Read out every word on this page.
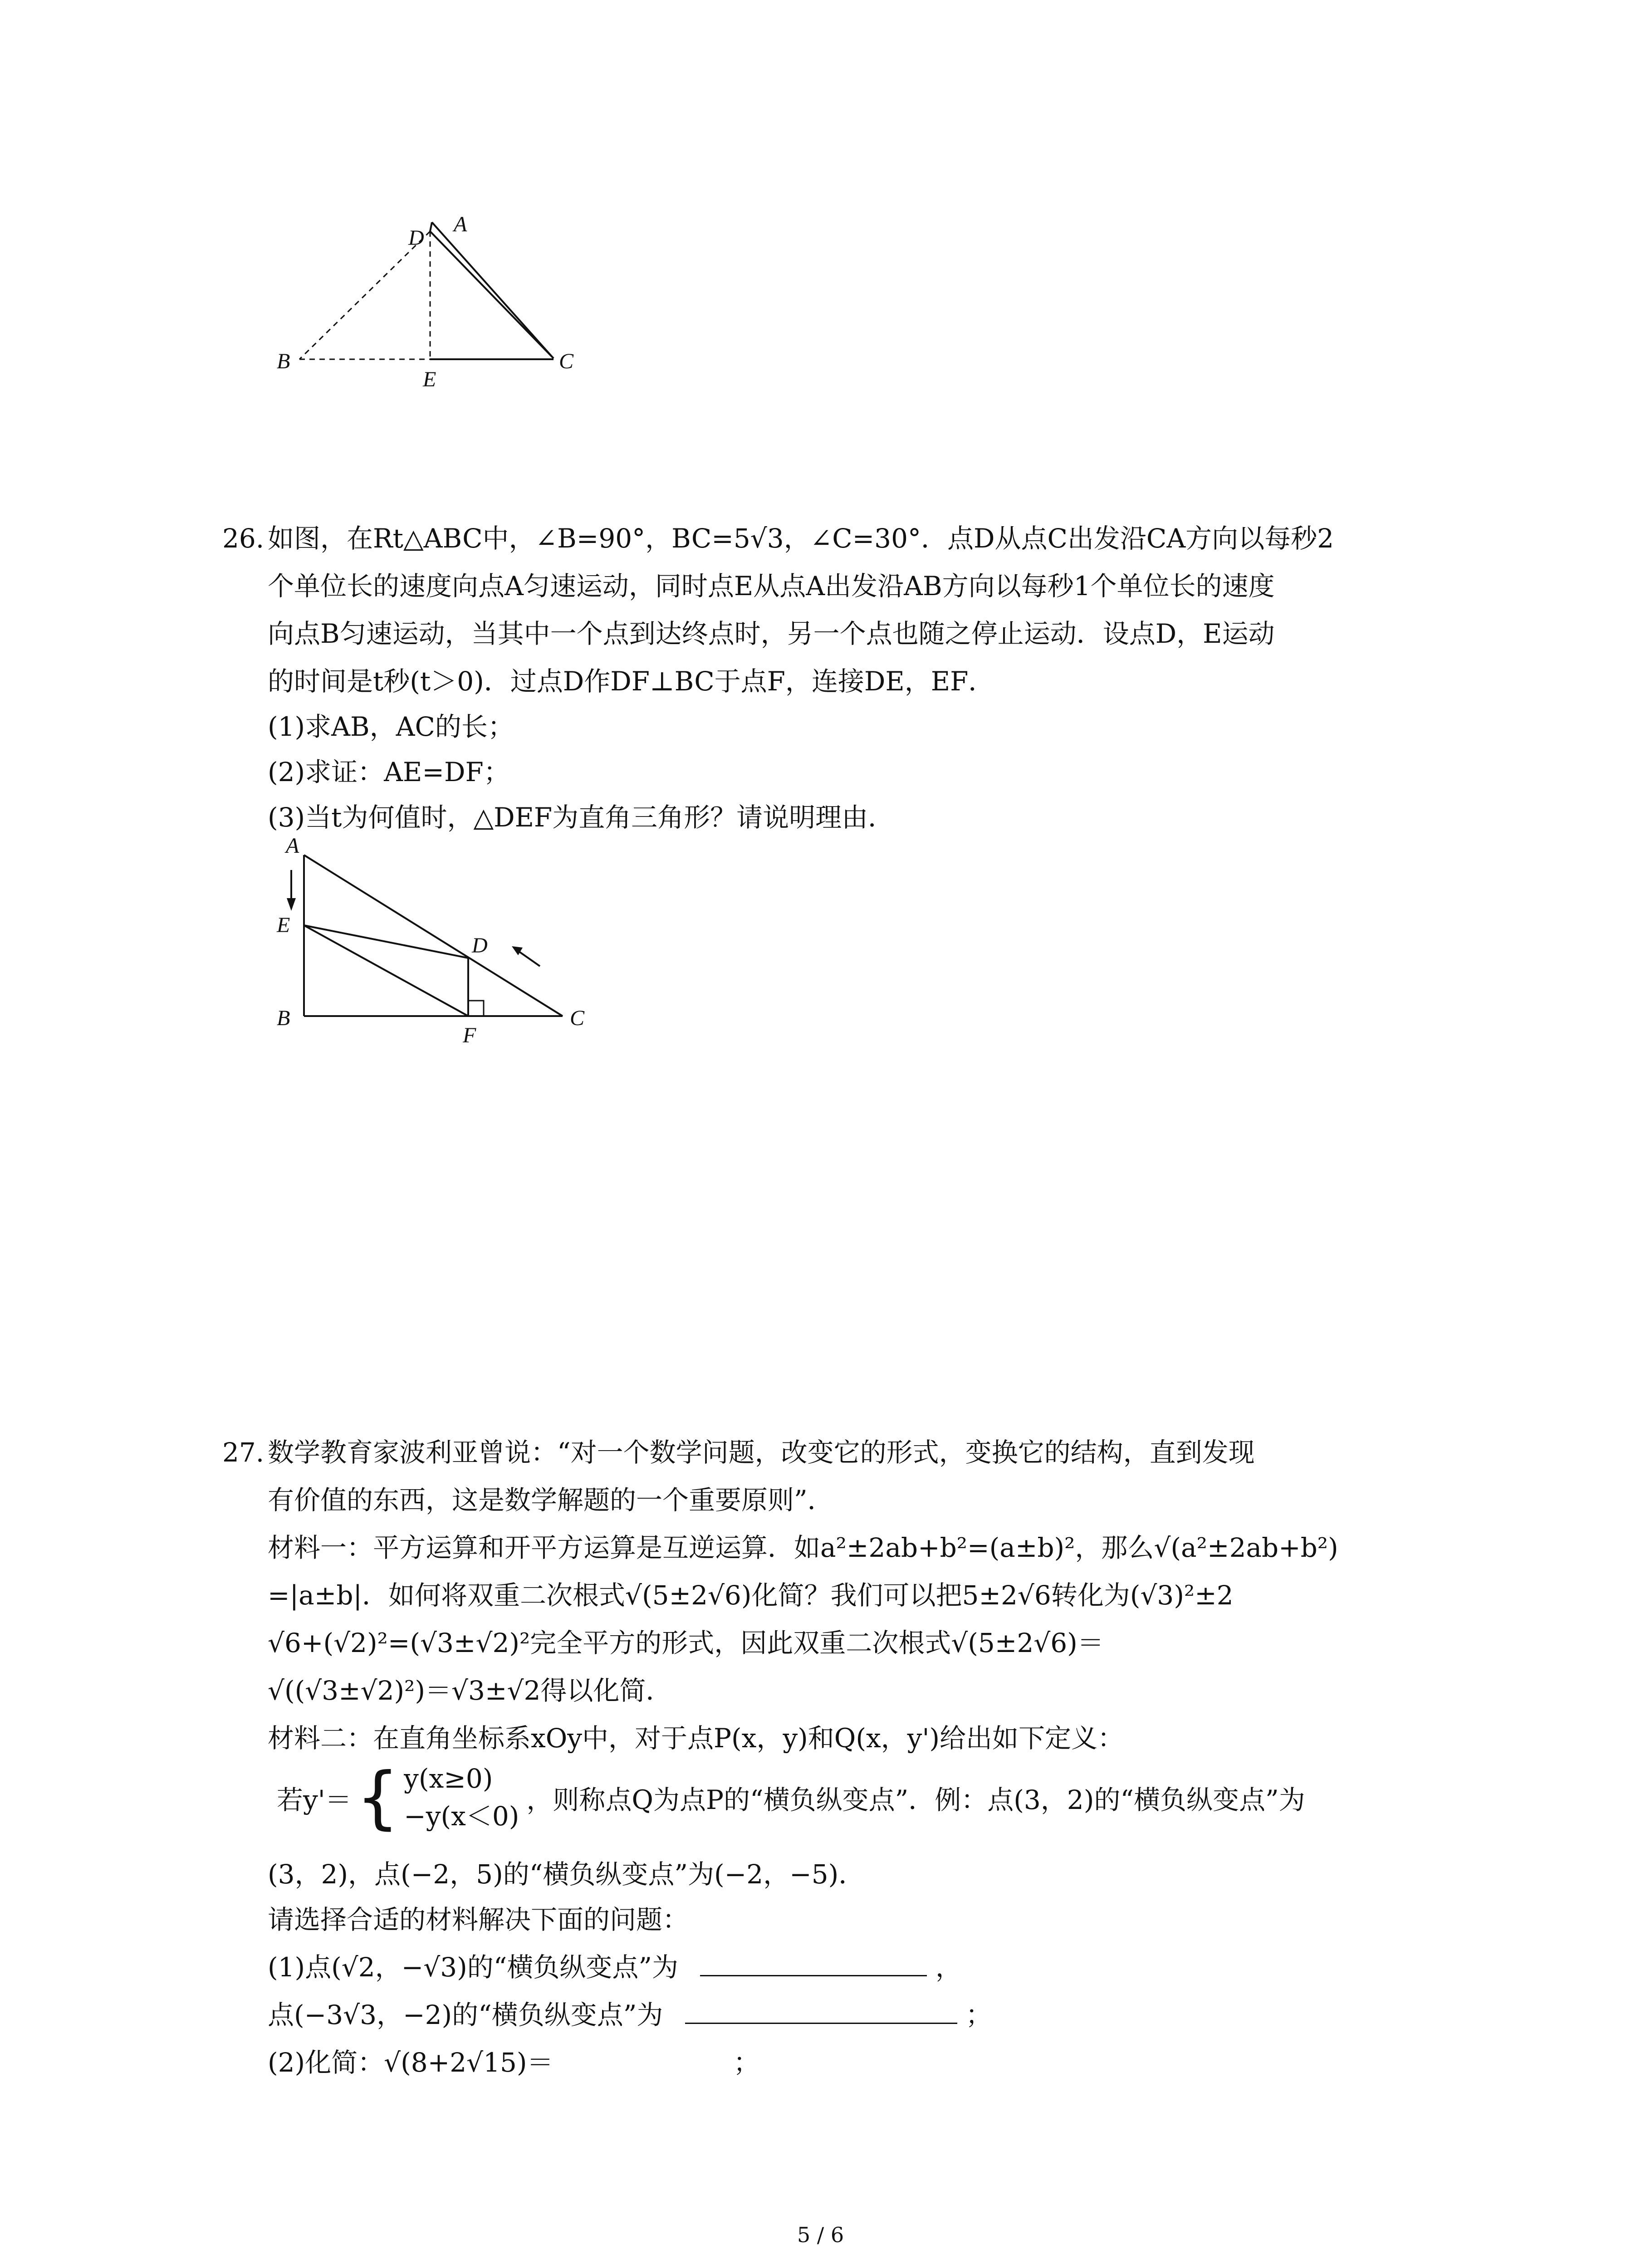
A
D
B
E
C
26. 如图，在Rt△ABC中，∠B=90°，BC=5√3，∠C=30°．点D从点C出发沿CA方向以每秒2
个单位长的速度向点A匀速运动，同时点E从点A出发沿AB方向以每秒1个单位长的速度
向点B匀速运动，当其中一个点到达终点时，另一个点也随之停止运动．设点D，E运动
的时间是t秒(t＞0)．过点D作DF⊥BC于点F，连接DE，EF．
(1)求AB，AC的长；
(2)求证：AE=DF；
(3)当t为何值时，△DEF为直角三角形？请说明理由．
A
E
D
B
F
C
27. 数学教育家波利亚曾说：“对一个数学问题，改变它的形式，变换它的结构，直到发现
有价值的东西，这是数学解题的一个重要原则”．
材料一：平方运算和开平方运算是互逆运算．如a²±2ab+b²=(a±b)²，那么√(a²±2ab+b²)
=|a±b|．如何将双重二次根式√(5±2√6)化简？我们可以把5±2√6转化为(√3)²±2
√6+(√2)²=(√3±√2)²完全平方的形式，因此双重二次根式√(5±2√6)＝
√((√3±√2)²)＝√3±√2得以化简．
材料二：在直角坐标系xOy中，对于点P(x，y)和Q(x，y')给出如下定义：
若y'＝	{	y(x≥0)	，则称点Q为点P的“横负纵变点”．例：点(3，2)的“横负纵变点”为
−y(x＜0)
(3，2)，点(−2，5)的“横负纵变点”为(−2，−5)．
请选择合适的材料解决下面的问题：
(1)点(√2，−√3)的“横负纵变点”为	，
点(−3√3，−2)的“横负纵变点”为	；
(2)化简：√(8+2√15)＝	；
5 / 6
